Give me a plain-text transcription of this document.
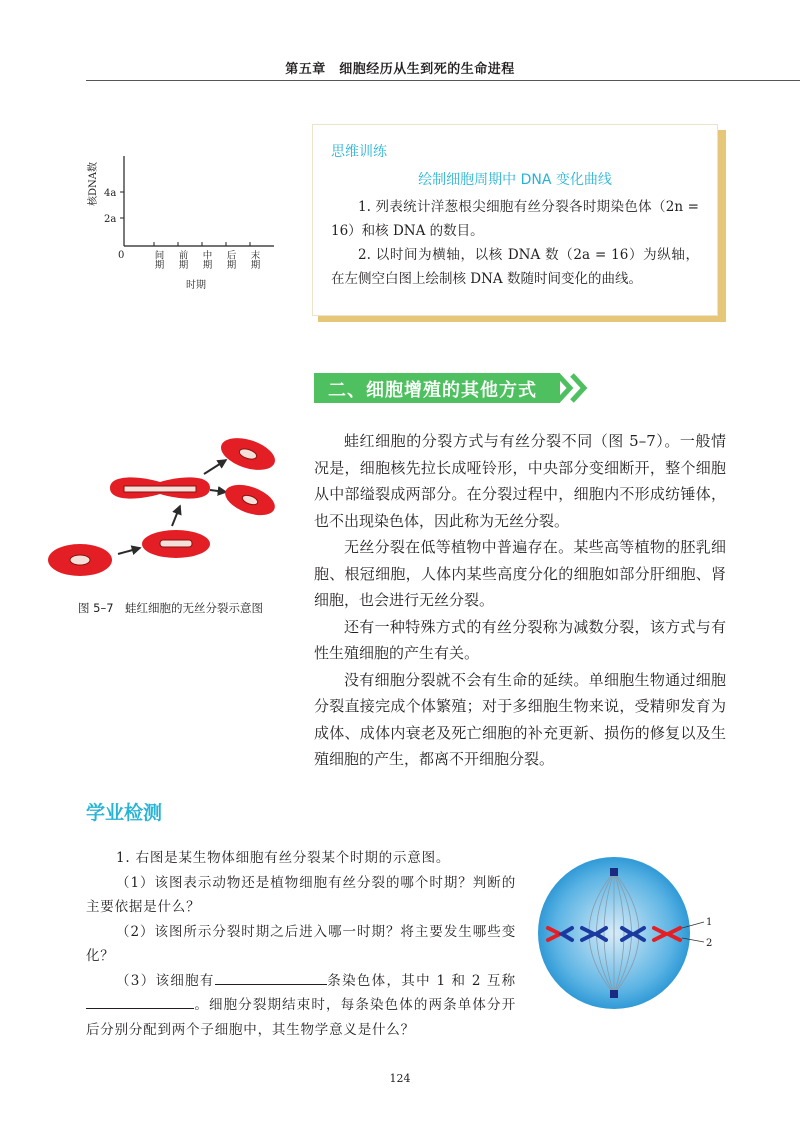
第五章　细胞经历从生到死的生命进程
核DNA数 4a
2a
0	间期 前期 中期 后期 末期
时期
思维训练
绘制细胞周期中 DNA 变化曲线

1. 列表统计洋葱根尖细胞有丝分裂各时期染色体（2n = 16）和核 DNA 的数目。

2. 以时间为横轴，以核 DNA 数（2a = 16）为纵轴，在左侧空白图上绘制核 DNA 数随时间变化的曲线。

二、细胞增殖的其他方式
图 5–7　蛙红细胞的无丝分裂示意图

蛙红细胞的分裂方式与有丝分裂不同（图 5–7）。一般情况是，细胞核先拉长成哑铃形，中央部分变细断开，整个细胞从中部缢裂成两部分。在分裂过程中，细胞内不形成纺锤体，也不出现染色体，因此称为无丝分裂。

无丝分裂在低等植物中普遍存在。某些高等植物的胚乳细胞、根冠细胞，人体内某些高度分化的细胞如部分肝细胞、肾细胞，也会进行无丝分裂。

还有一种特殊方式的有丝分裂称为减数分裂，该方式与有性生殖细胞的产生有关。

没有细胞分裂就不会有生命的延续。单细胞生物通过细胞分裂直接完成个体繁殖；对于多细胞生物来说，受精卵发育为成体、成体内衰老及死亡细胞的补充更新、损伤的修复以及生殖细胞的产生，都离不开细胞分裂。

学业检测

1. 右图是某生物体细胞有丝分裂某个时期的示意图。

（1）该图表示动物还是植物细胞有丝分裂的哪个时期？判断的主要依据是什么？

（2）该图所示分裂时期之后进入哪一时期？将主要发生哪些变化？

（3）该细胞有	条染色体，其中 1 和 2 互称。细胞分裂期结束时，每条染色体的两条单体分开后分别分配到两个子细胞中，其生物学意义是什么？

1
2
124
